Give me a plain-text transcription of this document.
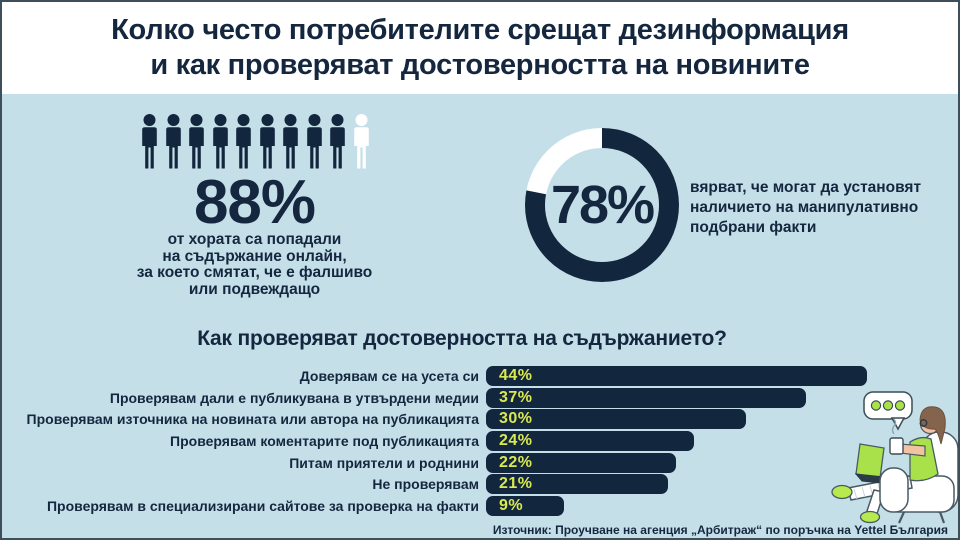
Колко често потребителите срещат дезинформация
и как проверяват достоверността на новините
88%
от хората са попадали
на съдържание онлайн,
за което смятат, че е фалшиво
или подвеждащо
78%	вярват, че могат да установят
наличието на манипулативно
подбрани факти
Как проверяват достоверността на съдържанието?
Доверявам се на усета си	44%
Проверявам дали е публикувана в утвърдени медии	37%
Проверявам източника на новината или автора на публикацията	30%
Проверявам коментарите под публикацията	24%
Питам приятели и роднини	22%
Не проверявам	21%
Проверявам в специализирани сайтове за проверка на факти	9%
Източник: Проучване на агенция „Арбитраж“ по поръчка на Yettel България
